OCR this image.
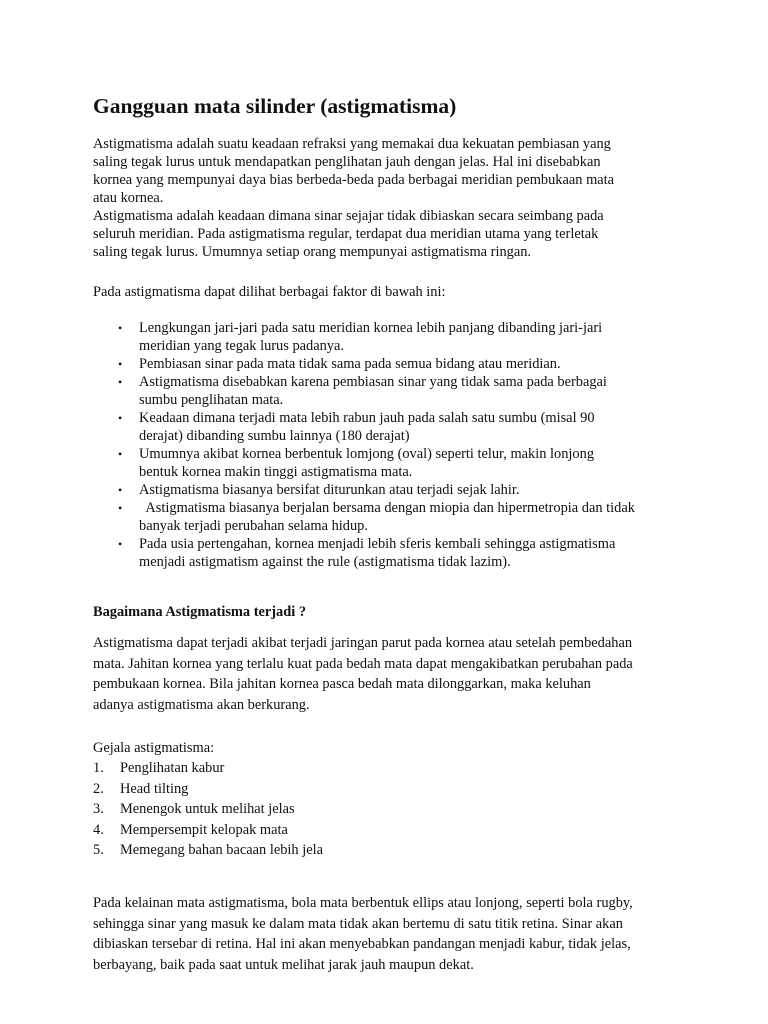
Gangguan mata silinder (astigmatisma)

Astigmatisma adalah suatu keadaan refraksi yang memakai dua kekuatan pembiasan yang
saling tegak lurus untuk mendapatkan penglihatan jauh dengan jelas. Hal ini disebabkan
kornea yang mempunyai daya bias berbeda-beda pada berbagai meridian pembukaan mata
atau kornea.
Astigmatisma adalah keadaan dimana sinar sejajar tidak dibiaskan secara seimbang pada
seluruh meridian. Pada astigmatisma regular, terdapat dua meridian utama yang terletak
saling tegak lurus. Umumnya setiap orang mempunyai astigmatisma ringan.

Pada astigmatisma dapat dilihat berbagai faktor di bawah ini:

• Lengkungan jari-jari pada satu meridian kornea lebih panjang dibanding jari-jari
meridian yang tegak lurus padanya.
• Pembiasan sinar pada mata tidak sama pada semua bidang atau meridian.
• Astigmatisma disebabkan karena pembiasan sinar yang tidak sama pada berbagai
sumbu penglihatan mata.
• Keadaan dimana terjadi mata lebih rabun jauh pada salah satu sumbu (misal 90
derajat) dibanding sumbu lainnya (180 derajat)
• Umumnya akibat kornea berbentuk lomjong (oval) seperti telur, makin lonjong
bentuk kornea makin tinggi astigmatisma mata.
• Astigmatisma biasanya bersifat diturunkan atau terjadi sejak lahir.
• Astigmatisma biasanya berjalan bersama dengan miopia dan hipermetropia dan tidak
banyak terjadi perubahan selama hidup.
• Pada usia pertengahan, kornea menjadi lebih sferis kembali sehingga astigmatisma
menjadi astigmatism against the rule (astigmatisma tidak lazim).
Bagaimana Astigmatisma terjadi ?

Astigmatisma dapat terjadi akibat terjadi jaringan parut pada kornea atau setelah pembedahan
mata. Jahitan kornea yang terlalu kuat pada bedah mata dapat mengakibatkan perubahan pada
pembukaan kornea. Bila jahitan kornea pasca bedah mata dilonggarkan, maka keluhan
adanya astigmatisma akan berkurang.

Gejala astigmatisma:

1. Penglihatan kabur
2. Head tilting
3. Menengok untuk melihat jelas
4. Mempersempit kelopak mata
5. Memegang bahan bacaan lebih jela

Pada kelainan mata astigmatisma, bola mata berbentuk ellips atau lonjong, seperti bola rugby,
sehingga sinar yang masuk ke dalam mata tidak akan bertemu di satu titik retina. Sinar akan
dibiaskan tersebar di retina. Hal ini akan menyebabkan pandangan menjadi kabur, tidak jelas,
berbayang, baik pada saat untuk melihat jarak jauh maupun dekat.
